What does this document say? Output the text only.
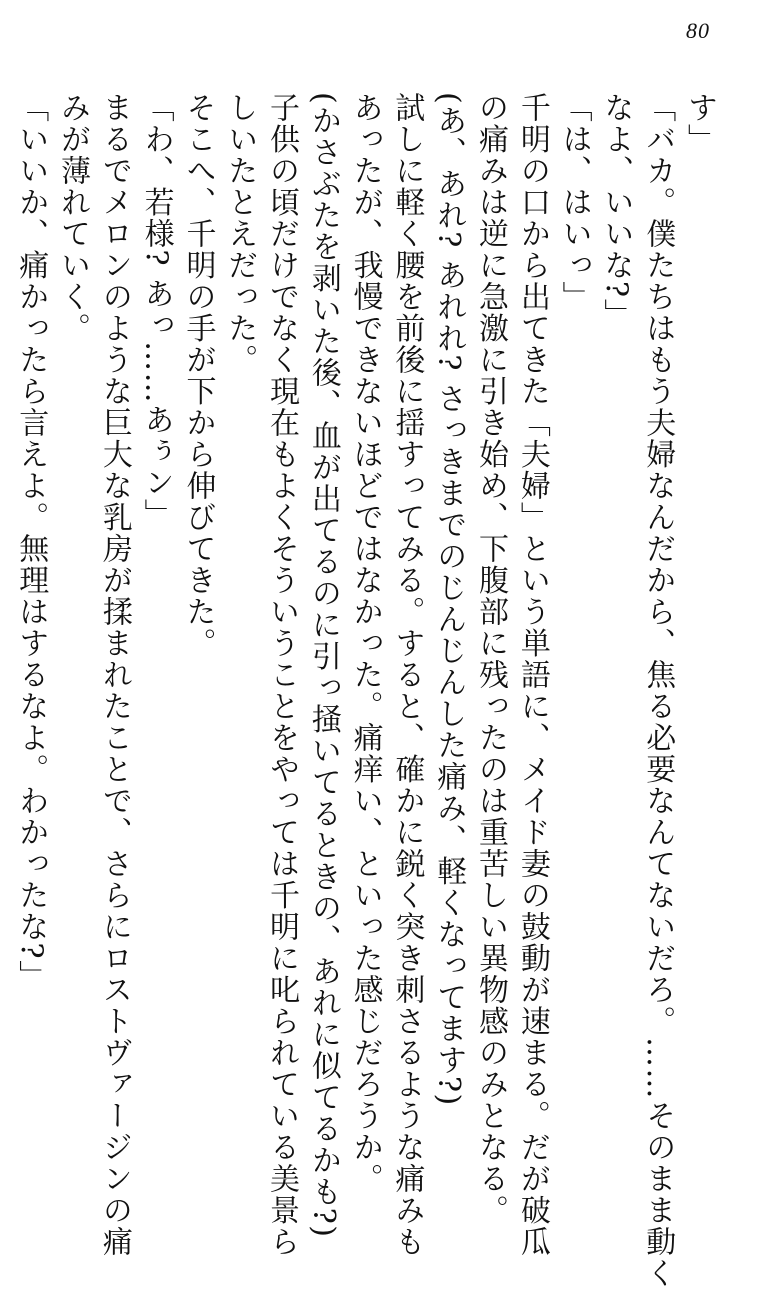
80

す」

「バカ。僕たちはもう夫婦なんだから、焦る必要なんてないだろ。……そのまま動く

なよ、いいな?」

「は、はいっ」

千明の口から出てきた「夫婦」という単語に、メイド妻の鼓動が速まる。だが破瓜

の痛みは逆に急激に引き始め、下腹部に残ったのは重苦しい異物感のみとなる。

(あ、あれ? あれれ? さっきまでのじんじんした痛み、軽くなってます?)

試しに軽く腰を前後に揺すってみる。すると、確かに鋭く突き刺さるような痛みも

あったが、我慢できないほどではなかった。痛痒い、といった感じだろうか。

(かさぶたを剥いた後、血が出てるのに引っ掻いてるときの、あれに似てるかも?)

子供の頃だけでなく現在もよくそういうことをやっては千明に叱られている美景ら

しいたとえだった。

そこへ、千明の手が下から伸びてきた。

「わ、若様? あっ……あぅン」

まるでメロンのような巨大な乳房が揉まれたことで、さらにロストヴァージンの痛

みが薄れていく。

「いいか、痛かったら言えよ。無理はするなよ。わかったな?」
